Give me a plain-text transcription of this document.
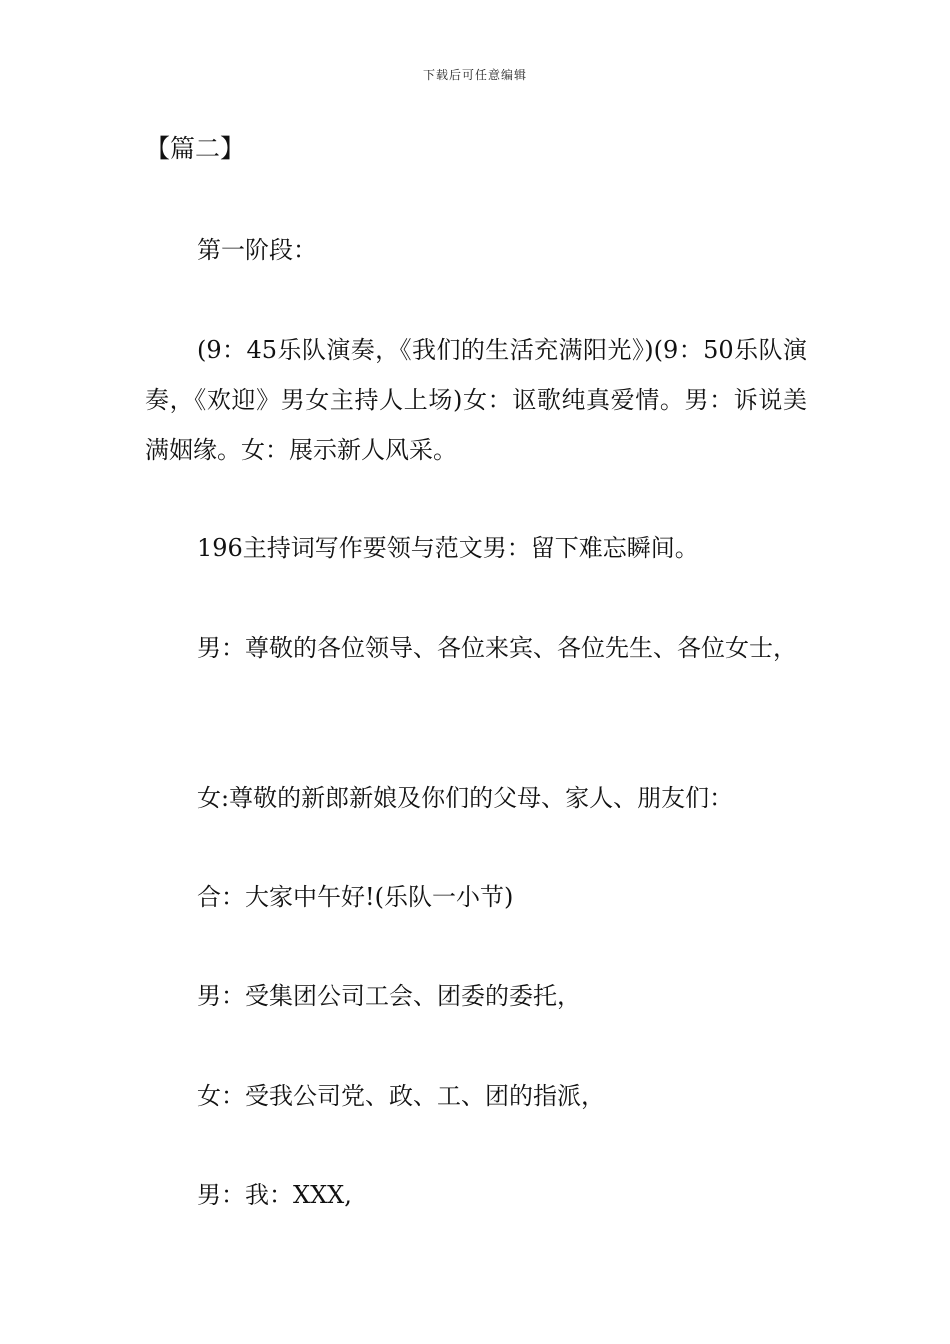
下载后可任意编辑
【篇二】

第一阶段：

(9：45乐队演奏，《我们的生活充满阳光》)(9：50乐队演奏，《欢迎》男女主持人上场)女：讴歌纯真爱情。男：诉说美满姻缘。女：展示新人风采。

196主持词写作要领与范文男：留下难忘瞬间。

男：尊敬的各位领导、各位来宾、各位先生、各位女士，

女:尊敬的新郎新娘及你们的父母、家人、朋友们：

合：大家中午好!(乐队一小节)

男：受集团公司工会、团委的委托，

女：受我公司党、政、工、团的指派，

男：我：XXX,
